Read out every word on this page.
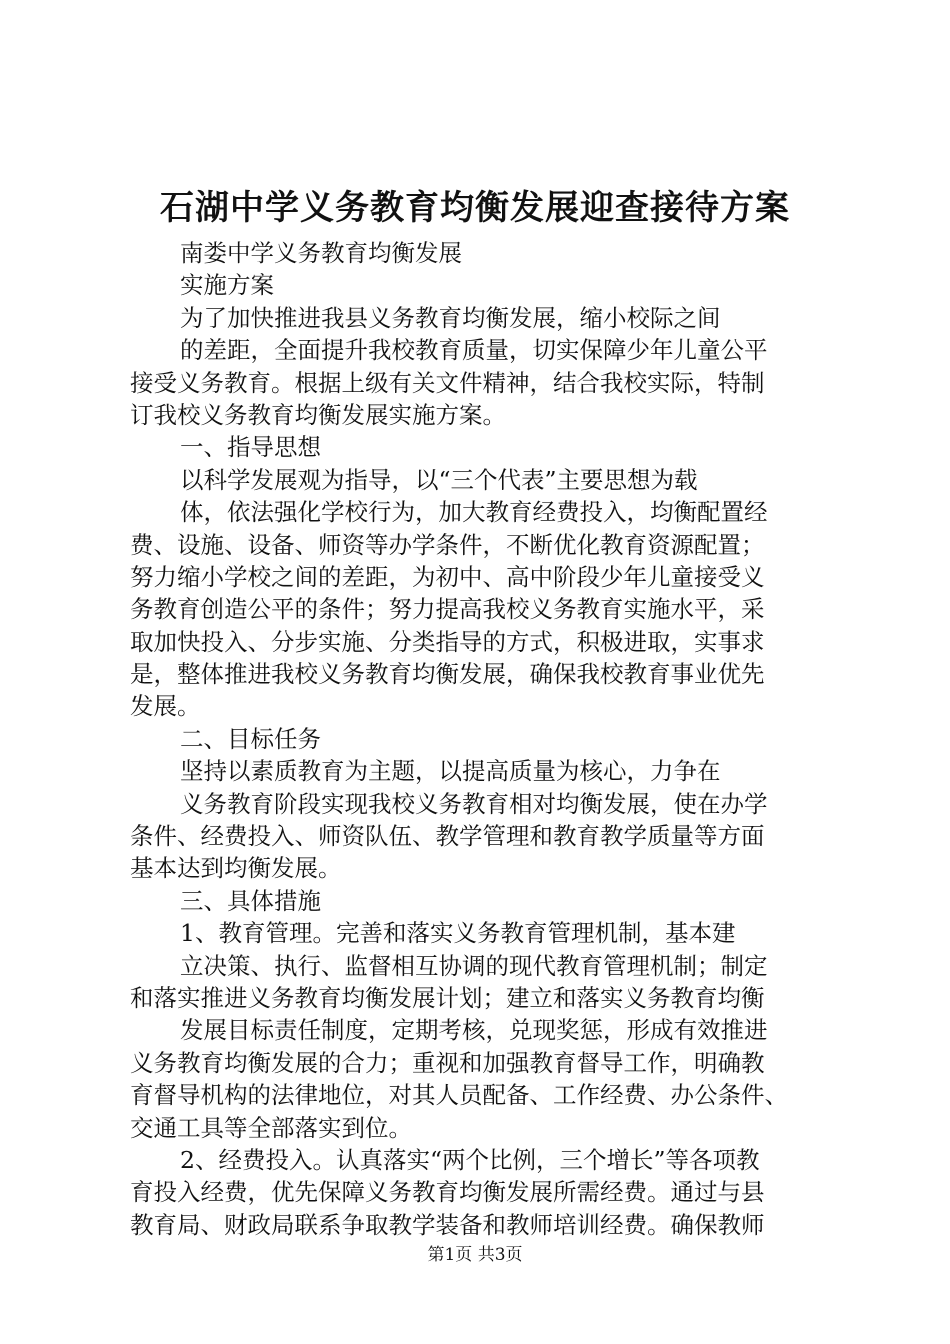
石湖中学义务教育均衡发展迎查接待方案
南娄中学义务教育均衡发展
实施方案
为了加快推进我县义务教育均衡发展，缩小校际之间
的差距，全面提升我校教育质量，切实保障少年儿童公平
接受义务教育。根据上级有关文件精神，结合我校实际，特制
订我校义务教育均衡发展实施方案。
一、指导思想
以科学发展观为指导，以“三个代表”主要思想为载
体，依法强化学校行为，加大教育经费投入，均衡配置经
费、设施、设备、师资等办学条件，不断优化教育资源配置；
努力缩小学校之间的差距，为初中、高中阶段少年儿童接受义
务教育创造公平的条件；努力提高我校义务教育实施水平，采
取加快投入、分步实施、分类指导的方式，积极进取，实事求
是，整体推进我校义务教育均衡发展，确保我校教育事业优先
发展。
二、目标任务
坚持以素质教育为主题，以提高质量为核心，力争在
义务教育阶段实现我校义务教育相对均衡发展，使在办学
条件、经费投入、师资队伍、教学管理和教育教学质量等方面
基本达到均衡发展。
三、具体措施
1、教育管理。完善和落实义务教育管理机制，基本建
立决策、执行、监督相互协调的现代教育管理机制；制定
和落实推进义务教育均衡发展计划；建立和落实义务教育均衡
发展目标责任制度，定期考核，兑现奖惩，形成有效推进
义务教育均衡发展的合力；重视和加强教育督导工作，明确教
育督导机构的法律地位，对其人员配备、工作经费、办公条件、
交通工具等全部落实到位。
2、经费投入。认真落实“两个比例，三个增长”等各项教
育投入经费，优先保障义务教育均衡发展所需经费。通过与县
教育局、财政局联系争取教学装备和教师培训经费。确保教师
第1页 共3页
